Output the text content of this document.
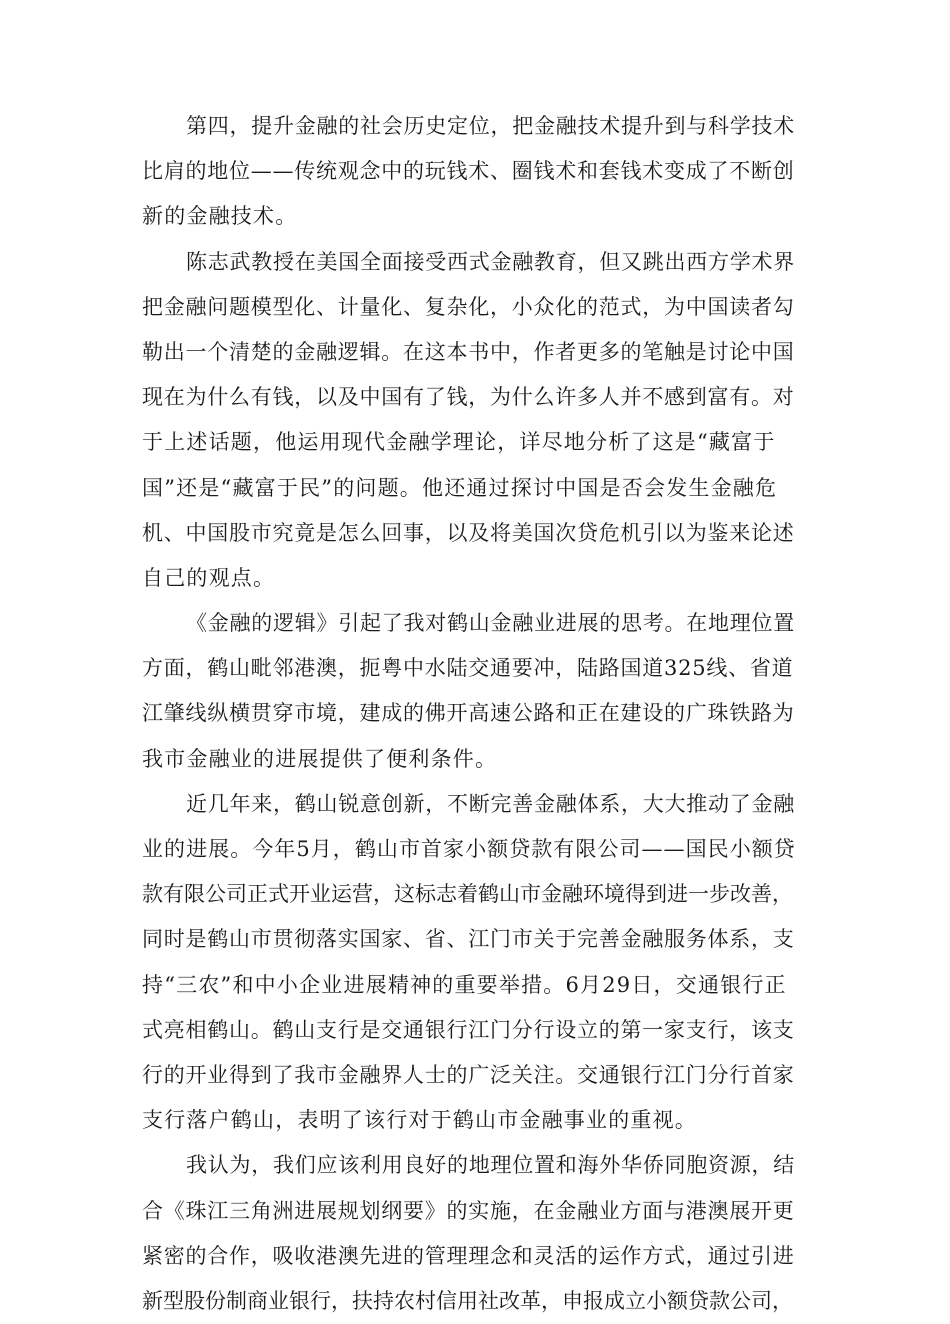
第四，提升金融的社会历史定位，把金融技术提升到与科学技术
比肩的地位——传统观念中的玩钱术、圈钱术和套钱术变成了不断创
新的金融技术。
陈志武教授在美国全面接受西式金融教育，但又跳出西方学术界
把金融问题模型化、计量化、复杂化，小众化的范式，为中国读者勾
勒出一个清楚的金融逻辑。在这本书中，作者更多的笔触是讨论中国
现在为什么有钱，以及中国有了钱，为什么许多人并不感到富有。对
于上述话题，他运用现代金融学理论，详尽地分析了这是“藏富于
国”还是“藏富于民”的问题。他还通过探讨中国是否会发生金融危
机、中国股市究竟是怎么回事，以及将美国次贷危机引以为鉴来论述
自己的观点。
《金融的逻辑》引起了我对鹤山金融业进展的思考。在地理位置
方面，鹤山毗邻港澳，扼粤中水陆交通要冲，陆路国道325线、省道
江肇线纵横贯穿市境，建成的佛开高速公路和正在建设的广珠铁路为
我市金融业的进展提供了便利条件。
近几年来，鹤山锐意创新，不断完善金融体系，大大推动了金融
业的进展。今年5月，鹤山市首家小额贷款有限公司——国民小额贷
款有限公司正式开业运营，这标志着鹤山市金融环境得到进一步改善，
同时是鹤山市贯彻落实国家、省、江门市关于完善金融服务体系，支
持“三农”和中小企业进展精神的重要举措。6月29日，交通银行正
式亮相鹤山。鹤山支行是交通银行江门分行设立的第一家支行，该支
行的开业得到了我市金融界人士的广泛关注。交通银行江门分行首家
支行落户鹤山，表明了该行对于鹤山市金融事业的重视。
我认为，我们应该利用良好的地理位置和海外华侨同胞资源，结
合《珠江三角洲进展规划纲要》的实施，在金融业方面与港澳展开更
紧密的合作，吸收港澳先进的管理理念和灵活的运作方式，通过引进
新型股份制商业银行，扶持农村信用社改革，申报成立小额贷款公司，
